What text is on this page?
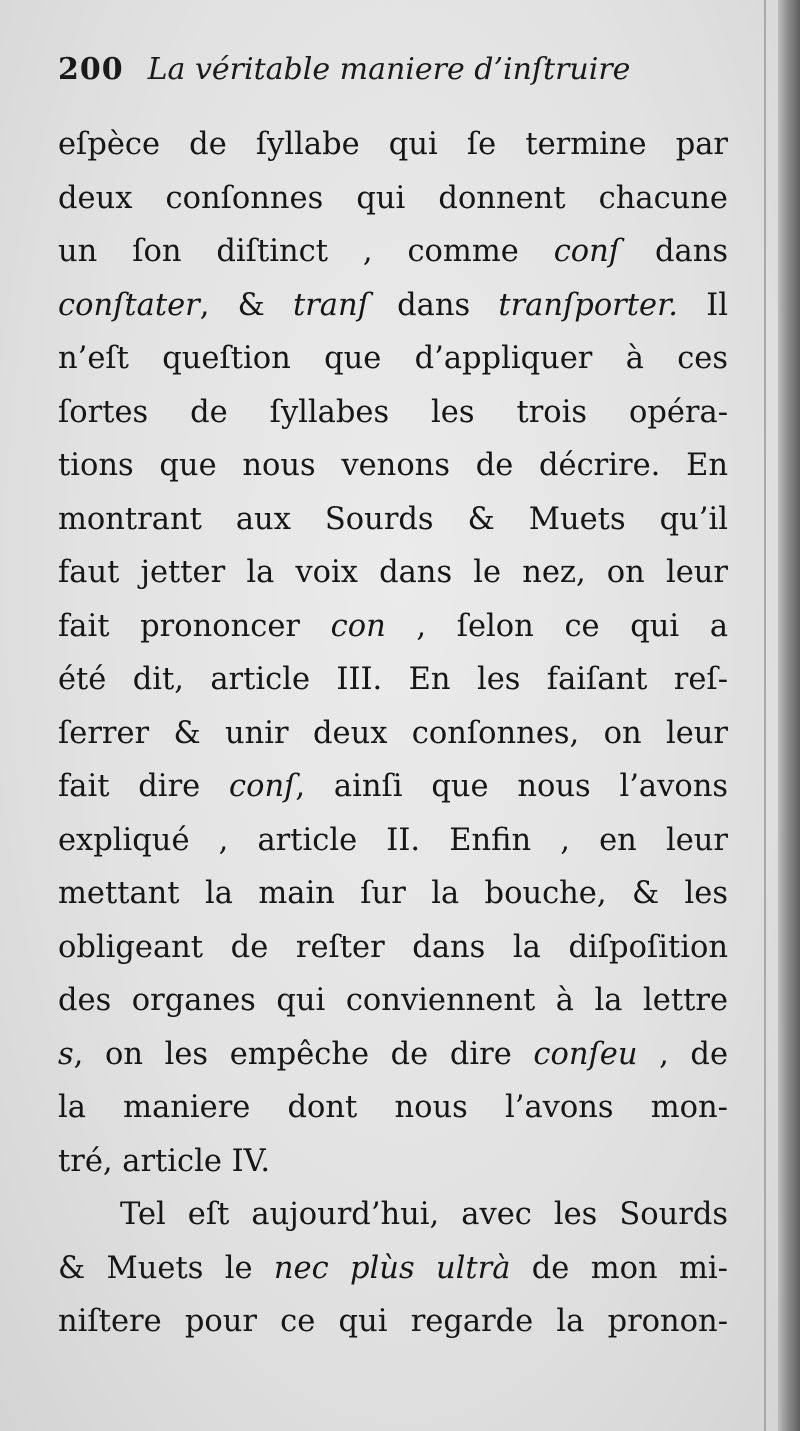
200 La véritable maniere d’inſtruire
eſpèce de ſyllabe qui ſe termine par
deux conſonnes qui donnent chacune
un ſon diſtinct , comme conſ dans
conſtater, & tranſ dans tranſporter. Il
n’eſt queſtion que d’appliquer à ces
ſortes de ſyllabes les trois opéra-
tions que nous venons de décrire. En
montrant aux Sourds & Muets qu’il
faut jetter la voix dans le nez, on leur
fait prononcer con , ſelon ce qui a
été dit, article III. En les faiſant reſ-
ſerrer & unir deux conſonnes, on leur
fait dire conſ, ainſi que nous l’avons
expliqué , article II. Enfin , en leur
mettant la main ſur la bouche, & les
obligeant de reſter dans la diſpoſition
des organes qui conviennent à la lettre
s, on les empêche de dire conſeu , de
la maniere dont nous l’avons mon-
tré, article IV.
Tel eſt aujourd’hui, avec les Sourds
& Muets le nec plùs ultrà de mon mi-
niſtere pour ce qui regarde la pronon-
